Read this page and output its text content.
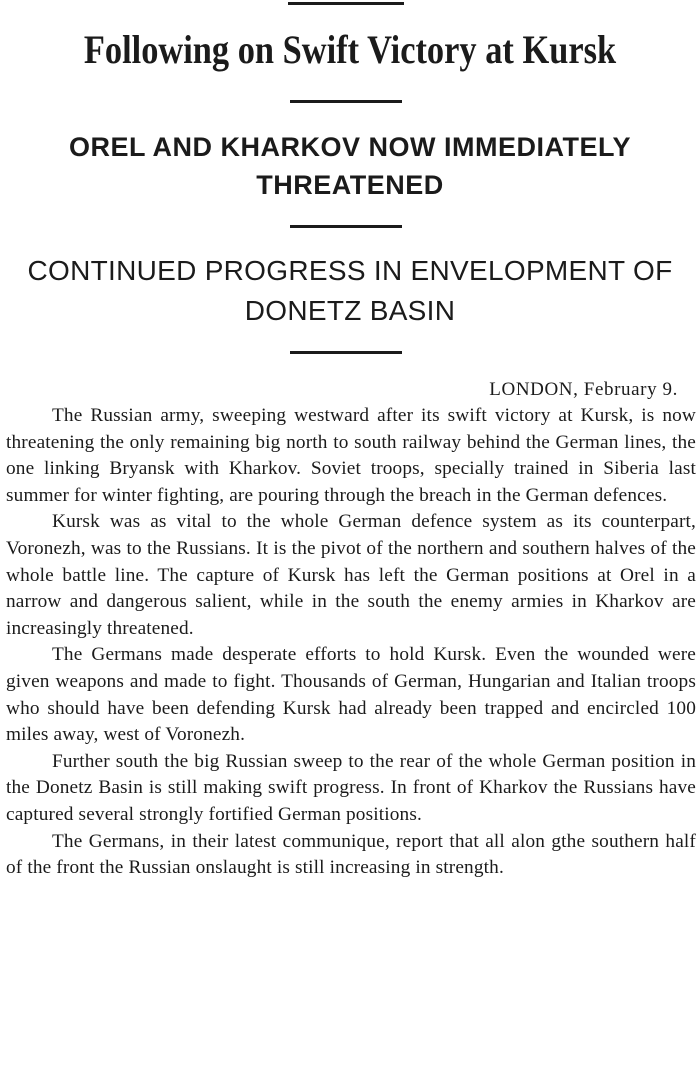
Following on Swift Victory at Kursk
OREL AND KHARKOV NOW IMMEDIATELY THREATENED
CONTINUED PROGRESS IN ENVELOPMENT OF DONETZ BASIN
LONDON, February 9.

The Russian army, sweeping westward after its swift victory at Kursk, is now threatening the only remaining big north to south railway behind the German lines, the one linking Bryansk with Kharkov. Soviet troops, specially trained in Siberia last summer for winter fighting, are pouring through the breach in the German defences.

Kursk was as vital to the whole German defence system as its counterpart, Voronezh, was to the Russians. It is the pivot of the northern and southern halves of the whole battle line. The capture of Kursk has left the German positions at Orel in a narrow and dangerous salient, while in the south the enemy armies in Kharkov are increasingly threatened.

The Germans made desperate efforts to hold Kursk. Even the wounded were given weapons and made to fight. Thousands of German, Hungarian and Italian troops who should have been defending Kursk had already been trapped and encircled 100 miles away, west of Voronezh.

Further south the big Russian sweep to the rear of the whole German position in the Donetz Basin is still making swift progress. In front of Kharkov the Russians have captured several strongly fortified German positions.

The Germans, in their latest communique, report that all alon gthe southern half of the front the Russian onslaught is still increasing in strength.
